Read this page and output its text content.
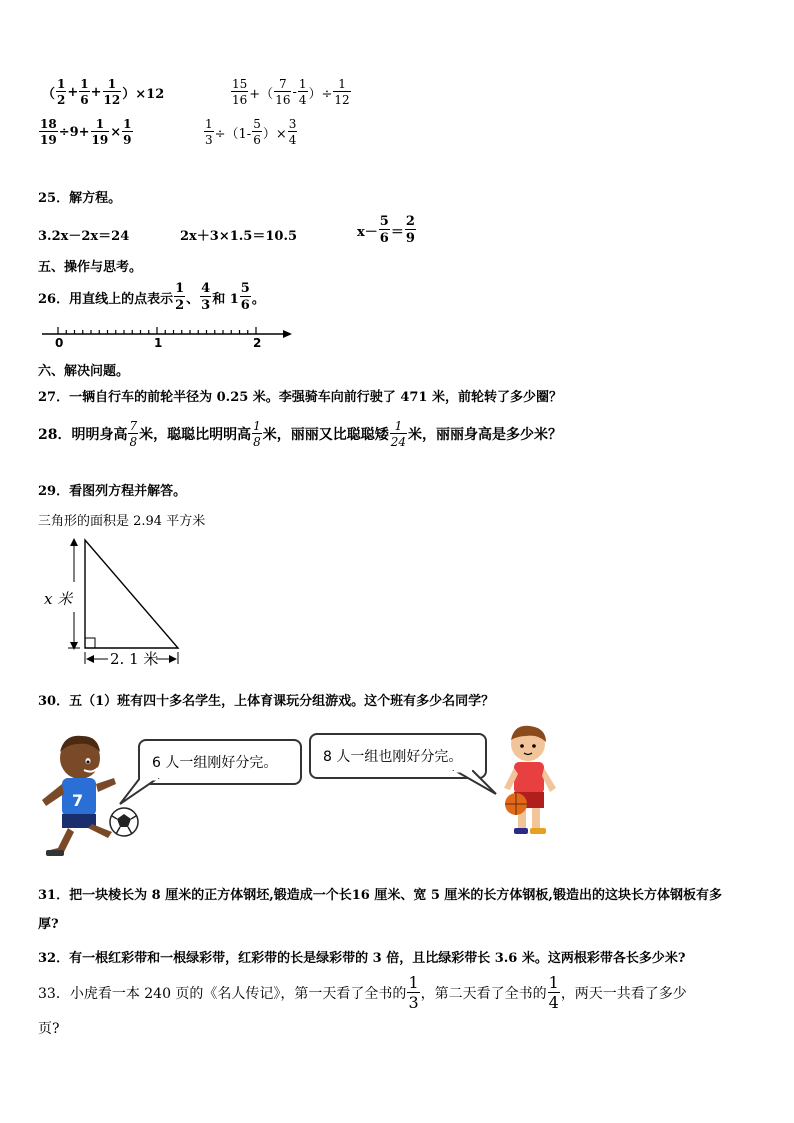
（ $\frac{1}{2} + \frac{1}{6} + \frac{1}{12} )\times 12$	$\frac{15}{16}$ +（ $\frac{7}{16} - \frac{1}{4}$ ）÷ $\frac{1}{12}$
$\frac{18}{19} \div 9+ \frac{1}{19} \times \frac{1}{9}$	$\frac{1}{3} \div(1- \frac{5}{6}$ ）× $\frac{3}{4}$
25．解方程。
3.2x－2x＝24	2x＋3×1.5＝10.5	$x- \frac{5}{6} = \frac{2}{9}$
五、操作与思考。
26．用直线上的点表示 $\frac{1}{2}$ 、 $\frac{4}{3}$ 和 $1 \frac{5}{6}$ 。
0	1	2
六、解决问题。
27．一辆自行车的前轮半径为 0.25 米。李强骑车向前行驶了 471 米，前轮转了多少圈？
28．明明身高 $\frac{7}{8}$ 米，聪聪比明明高 $\frac{1}{8}$ 米，丽丽又比聪聪矮 $\frac{1}{24}$ 米，丽丽身高是多少米？
29．看图列方程并解答。
三角形的面积是 2.94 平方米
x 米
2. 1 米
30．五（1）班有四十多名学生，上体育课玩分组游戏。这个班有多少名同学？
7
6 人一组刚好分完。	8 人一组也刚好分完。
31．把一块棱长为 8 厘米的正方体钢坯,锻造成一个长16 厘米、宽 5 厘米的长方体钢板,锻造出的这块长方体钢板有多
厚?
32．有一根红彩带和一根绿彩带，红彩带的长是绿彩带的 3 倍，且比绿彩带长 3.6 米。这两根彩带各长多少米?
33．小虎看一本 240 页的《名人传记》，第一天看了全书的 $\frac{1}{3}$ ，第二天看了全书的 $\frac{1}{4}$ ，两天一共看了多少
页?
